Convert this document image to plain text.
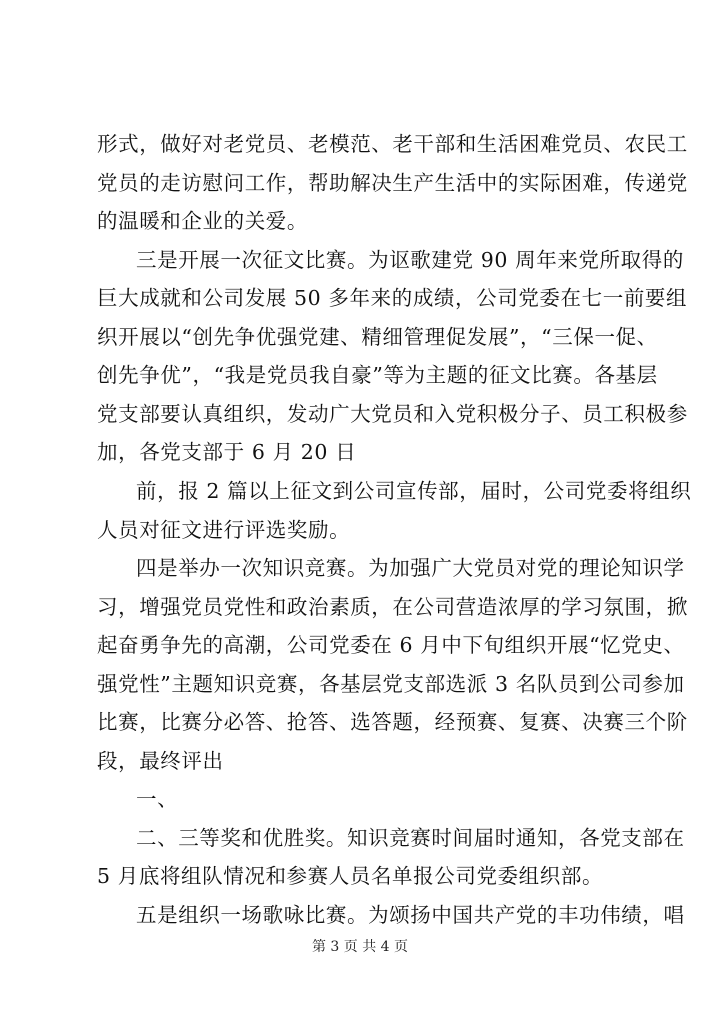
形式，做好对老党员、老模范、老干部和生活困难党员、农民工
党员的走访慰问工作，帮助解决生产生活中的实际困难，传递党
的温暖和企业的关爱。
三是开展一次征文比赛。为讴歌建党 90 周年来党所取得的
巨大成就和公司发展 50 多年来的成绩，公司党委在七一前要组
织开展以“创先争优强党建、精细管理促发展”，“三保一促、
创先争优”，“我是党员我自豪”等为主题的征文比赛。各基层
党支部要认真组织，发动广大党员和入党积极分子、员工积极参
加，各党支部于 6 月 20 日
前，报 2 篇以上征文到公司宣传部，届时，公司党委将组织
人员对征文进行评选奖励。
四是举办一次知识竞赛。为加强广大党员对党的理论知识学
习，增强党员党性和政治素质，在公司营造浓厚的学习氛围，掀
起奋勇争先的高潮，公司党委在 6 月中下旬组织开展“忆党史、
强党性”主题知识竞赛，各基层党支部选派 3 名队员到公司参加
比赛，比赛分必答、抢答、选答题，经预赛、复赛、决赛三个阶
段，最终评出
一、
二、三等奖和优胜奖。知识竞赛时间届时通知，各党支部在
5 月底将组队情况和参赛人员名单报公司党委组织部。
五是组织一场歌咏比赛。为颂扬中国共产党的丰功伟绩，唱
第 3 页 共 4 页
